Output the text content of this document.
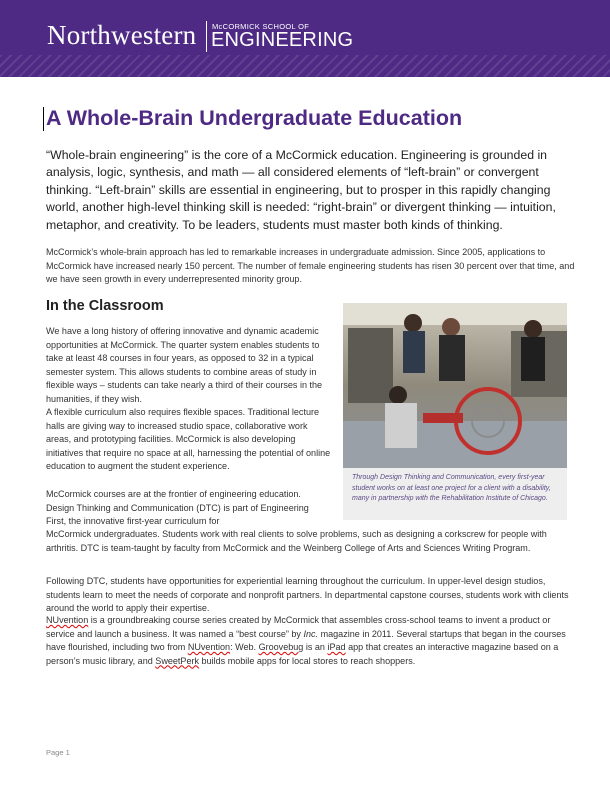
Northwestern McCORMICK SCHOOL OF
ENGINEERING
A Whole-Brain Undergraduate Education

“Whole-brain engineering” is the core of a McCormick education. Engineering is grounded in analysis, logic, synthesis, and math — all considered elements of “left-brain” or convergent thinking. “Left-brain” skills are essential in engineering, but to prosper in this rapidly changing world, another high-level thinking skill is needed: “right-brain” or divergent thinking — intuition, metaphor, and creativity. To be leaders, students must master both kinds of thinking.

McCormick’s whole-brain approach has led to remarkable increases in undergraduate admission. Since 2005, applications to McCormick have increased nearly 150 percent. The number of female engineering students has risen 30 percent over that time, and we have seen growth in every underrepresented minority group.

In the Classroom

We have a long history of offering innovative and dynamic academic opportunities at McCormick. The quarter system enables students to take at least 48 courses in four years, as opposed to 32 in a typical semester system. This allows students to combine areas of study in flexible ways – students can take nearly a third of their courses in the humanities, if they wish.

A flexible curriculum also requires flexible spaces. Traditional lecture halls are giving way to increased studio space, collaborative work areas, and prototyping facilities. McCormick is also developing initiatives that require no space at all, harnessing the potential of online education to augment the student experience.

McCormick courses are at the frontier of engineering education. Design Thinking and Communication (DTC) is part of Engineering First, the innovative first-year curriculum for

McCormick undergraduates. Students work with real clients to solve problems, such as designing a corkscrew for people with arthritis. DTC is team-taught by faculty from McCormick and the Weinberg College of Arts and Sciences Writing Program.

Following DTC, students have opportunities for experiential learning throughout the curriculum. In upper-level design studios, students learn to meet the needs of corporate and nonprofit partners. In departmental capstone courses, students work with clients around the world to apply their expertise.

NUvention is a groundbreaking course series created by McCormick that assembles cross-school teams to invent a product or service and launch a business. It was named a “best course” by Inc. magazine in 2011. Several startups that began in the courses have flourished, including two from NUvention: Web. Groovebug is an iPad app that creates an interactive magazine based on a person’s music library, and SweetPerk builds mobile apps for local stores to reach shoppers.

Through Design Thinking and Communication, every first-year student works on at least one project for a client with a disability, many in partnership with the Rehabilitation Institute of Chicago.

Page 1
